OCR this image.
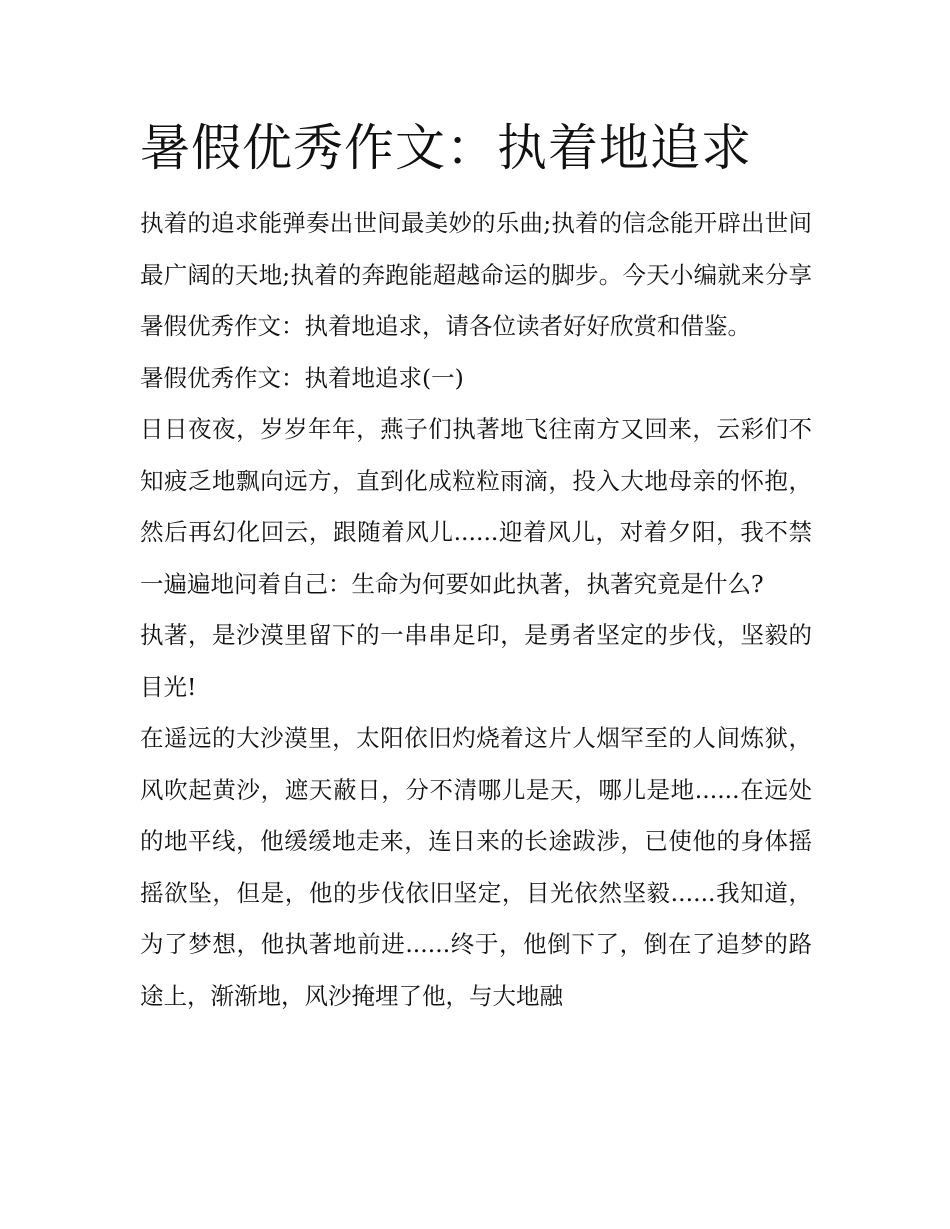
暑假优秀作文：执着地追求

执着的追求能弹奏出世间最美妙的乐曲;执着的信念能开辟出世间最广阔的天地;执着的奔跑能超越命运的脚步。今天小编就来分享暑假优秀作文：执着地追求，请各位读者好好欣赏和借鉴。

暑假优秀作文：执着地追求(一)

日日夜夜，岁岁年年，燕子们执著地飞往南方又回来，云彩们不知疲乏地飘向远方，直到化成粒粒雨滴，投入大地母亲的怀抱，然后再幻化回云，跟随着风儿......迎着风儿，对着夕阳，我不禁一遍遍地问着自己：生命为何要如此执著，执著究竟是什么?

执著，是沙漠里留下的一串串足印，是勇者坚定的步伐，坚毅的目光!

在遥远的大沙漠里，太阳依旧灼烧着这片人烟罕至的人间炼狱，风吹起黄沙，遮天蔽日，分不清哪儿是天，哪儿是地......在远处的地平线，他缓缓地走来，连日来的长途跋涉，已使他的身体摇摇欲坠，但是，他的步伐依旧坚定，目光依然坚毅......我知道，为了梦想，他执著地前进......终于，他倒下了，倒在了追梦的路途上，渐渐地，风沙掩埋了他，与大地融
